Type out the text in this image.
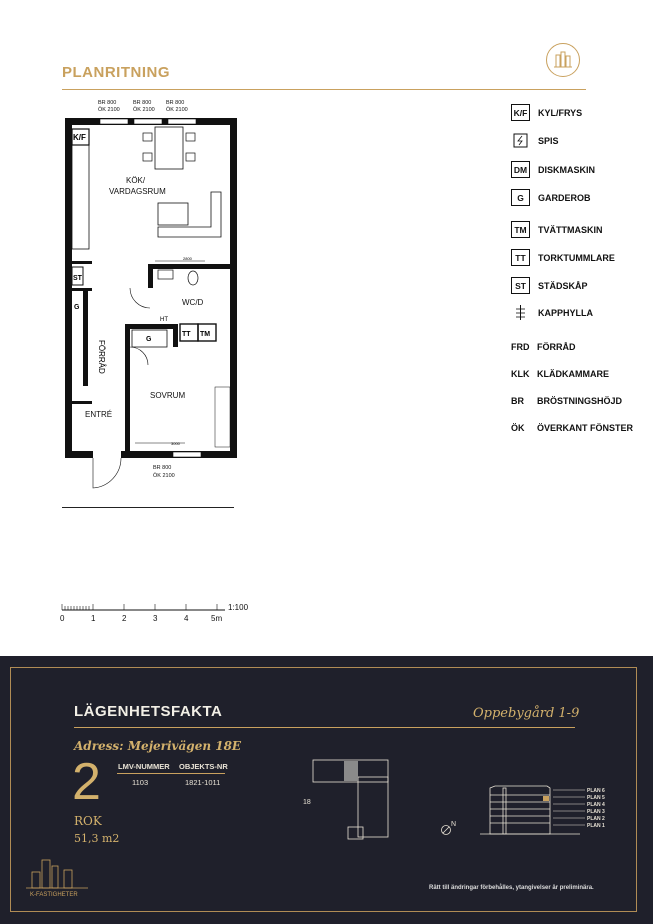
PLANRITNING
BR 800
ÖK 2100
BR 800
ÖK 2100
BR 800
ÖK 2100
BR 800
ÖK 2100
K/F
2800
KÖK/
VARDAGSRUM
WC/D
SOVRUM
ENTRÉ
FÖRRÅD
ST
G
G
TT TM
HT
3000
0	1	2	3	4	5m
1:100
K/F KYL/FRYS
SPIS
DM	DISKMASKIN
G	GARDEROB
TM	TVÄTTMASKIN
TT	TORKTUMMLARE
ST	STÄDSKÅP
KAPPHYLLA
FRD FÖRRÅD
KLK KLÄDKAMMARE
BR	BRÖSTNINGSHÖJD
ÖK	ÖVERKANT FÖNSTER
LÄGENHETSFAKTA	Oppebygård 1-9
Adress: Mejerivägen 18E
2
ROK
51,3 m2
LMV-NUMMER OBJEKTS-NR
1103	1821-1011
18
N
PLAN 6
PLAN 5
PLAN 4
PLAN 3
PLAN 2
PLAN 1
K-FASTIGHETER
Rätt till ändringar förbehålles, ytangivelser är preliminära.
